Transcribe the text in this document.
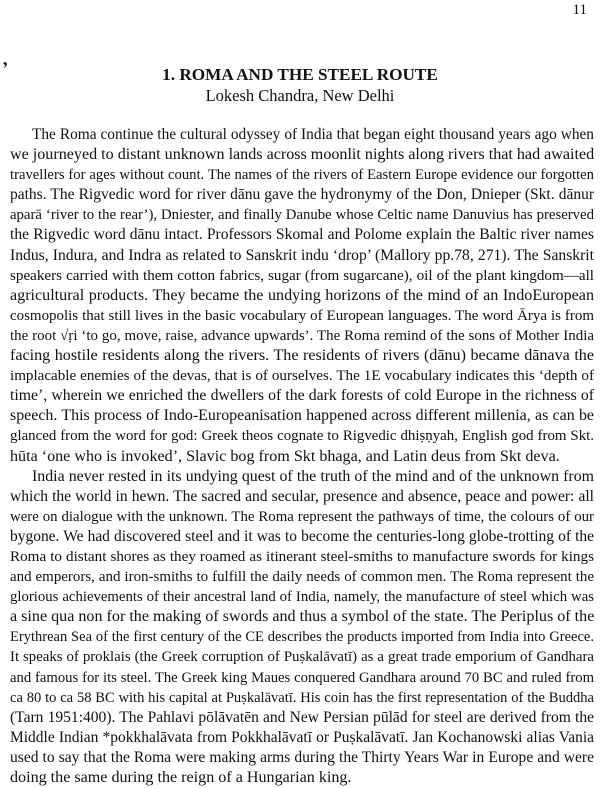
11
’	1. ROMA AND THE STEEL ROUTE
Lokesh Chandra, New Delhi
The Roma continue the cultural odyssey of India that began eight thousand years ago when
we journeyed to distant unknown lands across moonlit nights along rivers that had awaited
travellers for ages without count. The names of the rivers of Eastern Europe evidence our forgotten
paths. The Rigvedic word for river dānu gave the hydronymy of the Don, Dnieper (Skt. dānur
aparā ‘river to the rear’), Dniester, and finally Danube whose Celtic name Danuvius has preserved
the Rigvedic word dānu intact. Professors Skomal and Polome explain the Baltic river names
Indus, Indura, and Indra as related to Sanskrit indu ‘drop’ (Mallory pp.78, 271). The Sanskrit
speakers carried with them cotton fabrics, sugar (from sugarcane), oil of the plant kingdom—all
agricultural products. They became the undying horizons of the mind of an IndoEuropean
cosmopolis that still lives in the basic vocabulary of European languages. The word Ārya is from
the root √ṛi ‘to go, move, raise, advance upwards’. The Roma remind of the sons of Mother India
facing hostile residents along the rivers. The residents of rivers (dānu) became dānava the
implacable enemies of the devas, that is of ourselves. The 1E vocabulary indicates this ‘depth of
time’, wherein we enriched the dwellers of the dark forests of cold Europe in the richness of
speech. This process of Indo-Europeanisation happened across different millenia, as can be
glanced from the word for god: Greek theos cognate to Rigvedic dhiṣṇyah, English god from Skt.
hūta ‘one who is invoked’, Slavic bog from Skt bhaga, and Latin deus from Skt deva.
India never rested in its undying quest of the truth of the mind and of the unknown from
which the world in hewn. The sacred and secular, presence and absence, peace and power: all
were on dialogue with the unknown. The Roma represent the pathways of time, the colours of our
bygone. We had discovered steel and it was to become the centuries-long globe-trotting of the
Roma to distant shores as they roamed as itinerant steel-smiths to manufacture swords for kings
and emperors, and iron-smiths to fulfill the daily needs of common men. The Roma represent the
glorious achievements of their ancestral land of India, namely, the manufacture of steel which was
a sine qua non for the making of swords and thus a symbol of the state. The Periplus of the
Erythrean Sea of the first century of the CE describes the products imported from India into Greece.
It speaks of proklais (the Greek corruption of Puṣkalāvatī) as a great trade emporium of Gandhara
and famous for its steel. The Greek king Maues conquered Gandhara around 70 BC and ruled from
ca 80 to ca 58 BC with his capital at Puṣkalāvatī. His coin has the first representation of the Buddha
(Tarn 1951:400). The Pahlavi pōlāvatēn and New Persian pūlād for steel are derived from the
Middle Indian *pokkhalāvata from Pokkhalāvatī or Puṣkalāvatī. Jan Kochanowski alias Vania
used to say that the Roma were making arms during the Thirty Years War in Europe and were
doing the same during the reign of a Hungarian king.
